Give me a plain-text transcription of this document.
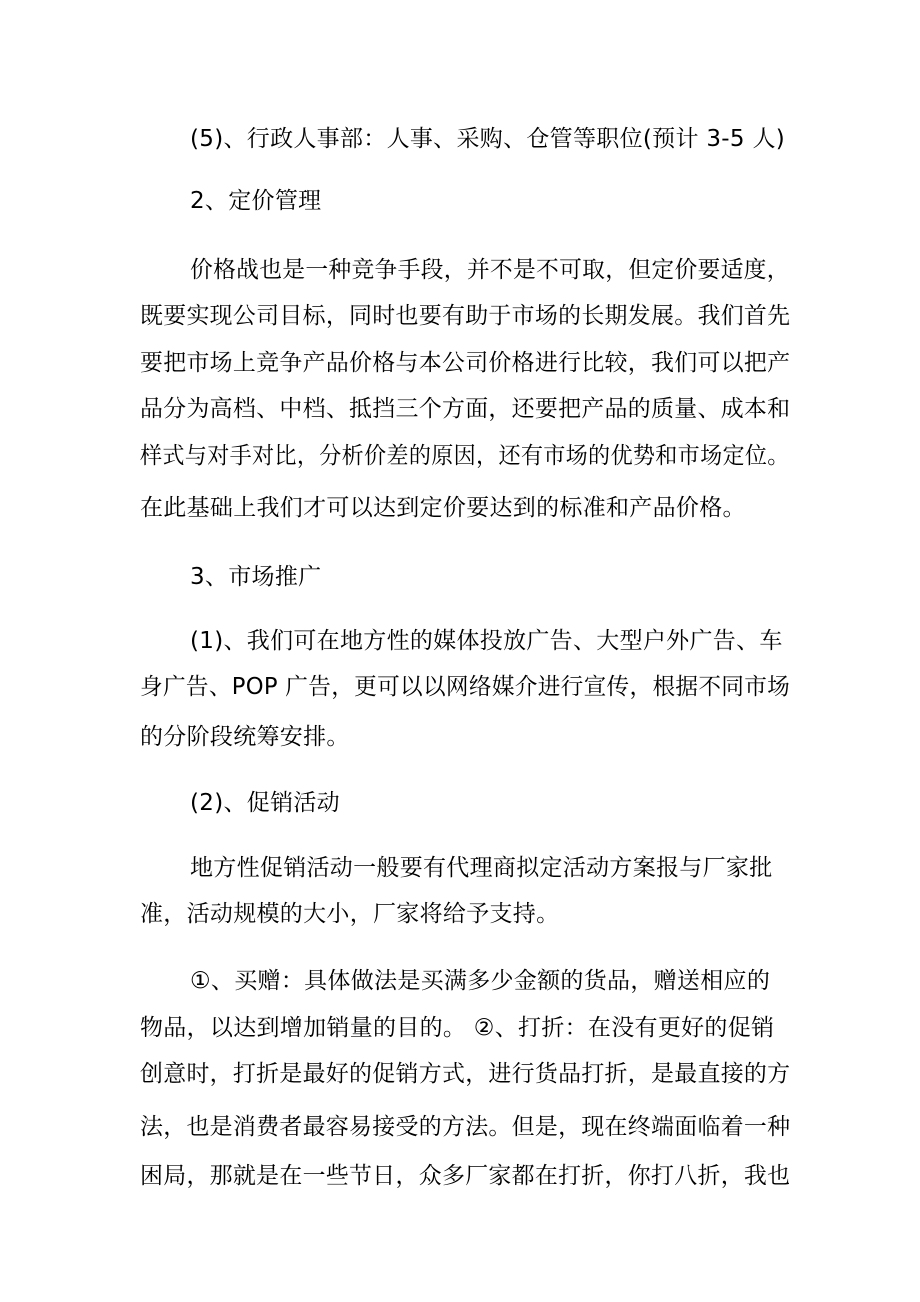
(5)、行政人事部：人事、采购、仓管等职位(预计 3-5 人)
2、定价管理
价格战也是一种竞争手段，并不是不可取，但定价要适度，
既要实现公司目标，同时也要有助于市场的长期发展。我们首先
要把市场上竞争产品价格与本公司价格进行比较，我们可以把产
品分为高档、中档、抵挡三个方面，还要把产品的质量、成本和
样式与对手对比，分析价差的原因，还有市场的优势和市场定位。
在此基础上我们才可以达到定价要达到的标准和产品价格。
3、市场推广
(1)、我们可在地方性的媒体投放广告、大型户外广告、车
身广告、POP 广告，更可以以网络媒介进行宣传，根据不同市场
的分阶段统筹安排。
(2)、促销活动
地方性促销活动一般要有代理商拟定活动方案报与厂家批
准，活动规模的大小，厂家将给予支持。
①、买赠：具体做法是买满多少金额的货品，赠送相应的
物品，以达到增加销量的目的。 ②、打折：在没有更好的促销
创意时，打折是最好的促销方式，进行货品打折，是最直接的方
法，也是消费者最容易接受的方法。但是，现在终端面临着一种
困局，那就是在一些节日，众多厂家都在打折，你打八折，我也
